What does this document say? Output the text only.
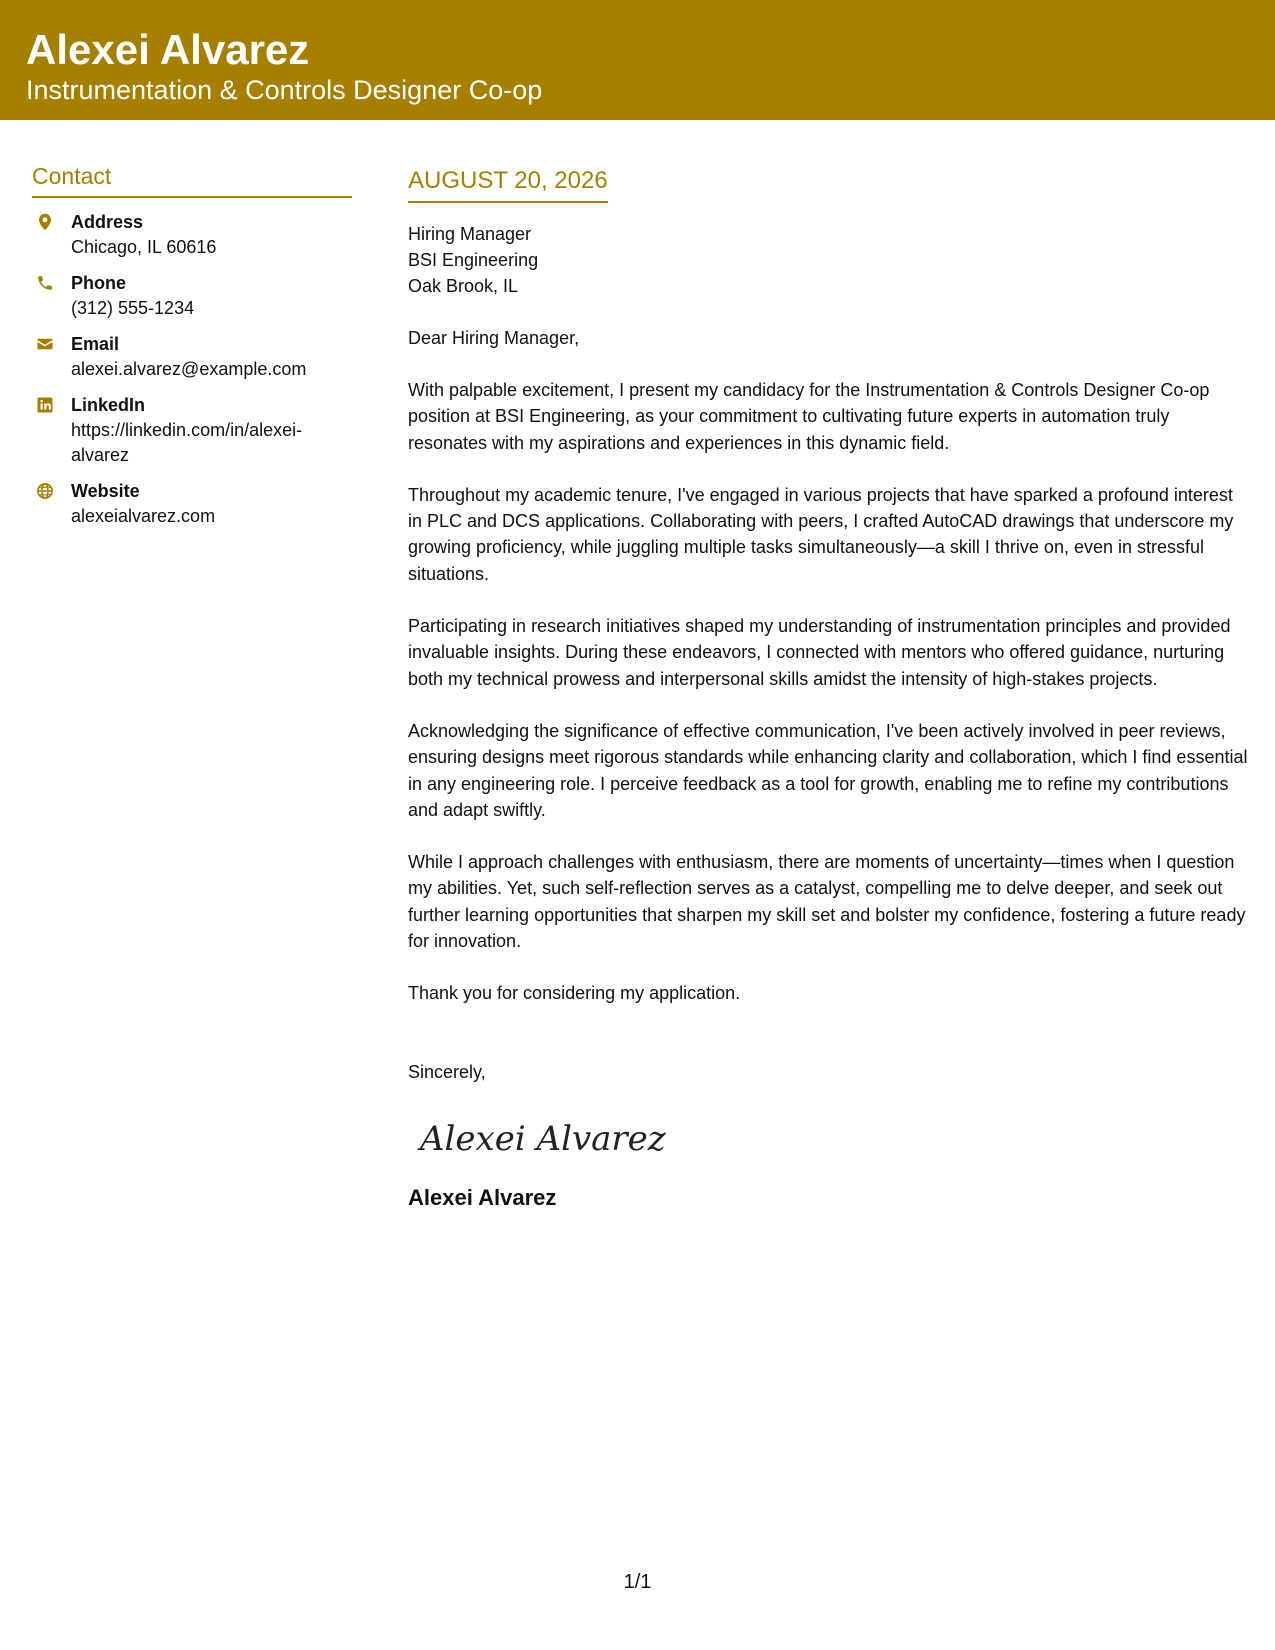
Alexei Alvarez
Instrumentation & Controls Designer Co-op
Contact
Address
Chicago, IL 60616
Phone
(312) 555-1234
Email
alexei.alvarez@example.com
LinkedIn
https://linkedin.com/in/alexei-alvarez
Website
alexeialvarez.com
AUGUST 20, 2026
Hiring Manager
BSI Engineering
Oak Brook, IL
Dear Hiring Manager,
With palpable excitement, I present my candidacy for the Instrumentation & Controls Designer Co-op position at BSI Engineering, as your commitment to cultivating future experts in automation truly resonates with my aspirations and experiences in this dynamic field.
Throughout my academic tenure, I've engaged in various projects that have sparked a profound interest in PLC and DCS applications. Collaborating with peers, I crafted AutoCAD drawings that underscore my growing proficiency, while juggling multiple tasks simultaneously—a skill I thrive on, even in stressful situations.
Participating in research initiatives shaped my understanding of instrumentation principles and provided invaluable insights. During these endeavors, I connected with mentors who offered guidance, nurturing both my technical prowess and interpersonal skills amidst the intensity of high-stakes projects.
Acknowledging the significance of effective communication, I've been actively involved in peer reviews, ensuring designs meet rigorous standards while enhancing clarity and collaboration, which I find essential in any engineering role. I perceive feedback as a tool for growth, enabling me to refine my contributions and adapt swiftly.
While I approach challenges with enthusiasm, there are moments of uncertainty—times when I question my abilities. Yet, such self-reflection serves as a catalyst, compelling me to delve deeper, and seek out further learning opportunities that sharpen my skill set and bolster my confidence, fostering a future ready for innovation.
Thank you for considering my application.
Sincerely,
Alexei Alvarez
Alexei Alvarez
1/1
